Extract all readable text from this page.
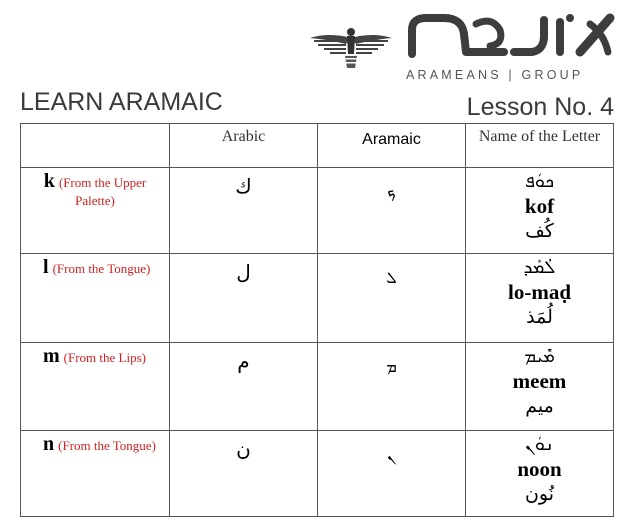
ARAMEANS | GROUP
LEARN ARAMAIC	Lesson No. 4
	Arabic	Aramaic	Name of the Letter
k (From the Upper Palette)	ك	ܟ	ܟܘܿܦ
kof
كُف

l (From the Tongue)	ل	ܠ	ܠܳܡܰܕ
lo-maḍ
لُمَذ

m (From the Lips)	م	ܡ	ܡܺܝܡ
meem
ميم

n (From the Tongue)	ن	ܢ	ܢܘܿܢ
noon
نُون
